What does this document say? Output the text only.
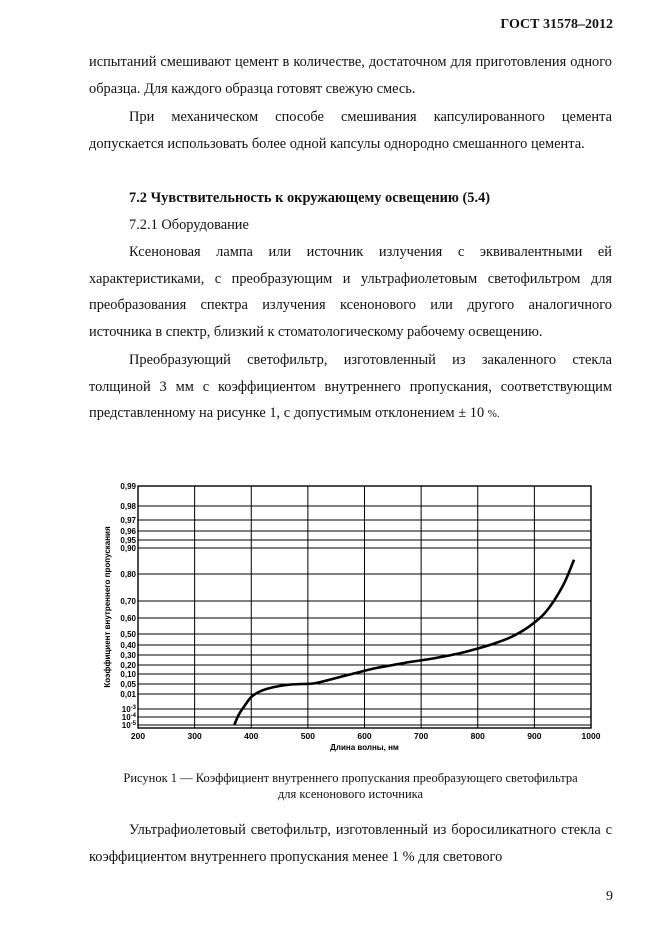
ГОСТ 31578–2012

испытаний смешивают цемент в количестве, достаточном для приготовления одного образца. Для каждого образца готовят свежую смесь.

При механическом способе смешивания капсулированного цемента допускается использовать более одной капсулы однородно смешанного цемента.

7.2 Чувствительность к окружающему освещению (5.4)

7.2.1 Оборудование

Ксеноновая лампа или источник излучения с эквивалентными ей характеристиками, с преобразующим и ультрафиолетовым светофильтром для преобразования спектра излучения ксенонового или другого аналогичного источника в спектр, близкий к стоматологическому рабочему освещению.

Преобразующий светофильтр, изготовленный из закаленного стекла толщиной 3 мм с коэффициентом внутреннего пропускания, соответствующим представленному на рисунке 1, с допустимым отклонением ± 10 %.

200	300	400	500	600	700	800	900	1000
0,99
0,98
0,97
0,96
0,95
0,90
0,80
0,70
0,60
0,50
0,40
0,30
0,20
0,10
0,05
0,01
$10^{-3}$
$10^{-4}$
$10^{-5}$
Длина волны, нм
Коэффициент внутреннего пропускания
Рисунок 1 — Коэффициент внутреннего пропускания преобразующего светофильтра
для ксенонового источника

Ультрафиолетовый светофильтр, изготовленный из боросиликатного стекла с коэффициентом внутреннего пропускания менее 1 % для светового

9
